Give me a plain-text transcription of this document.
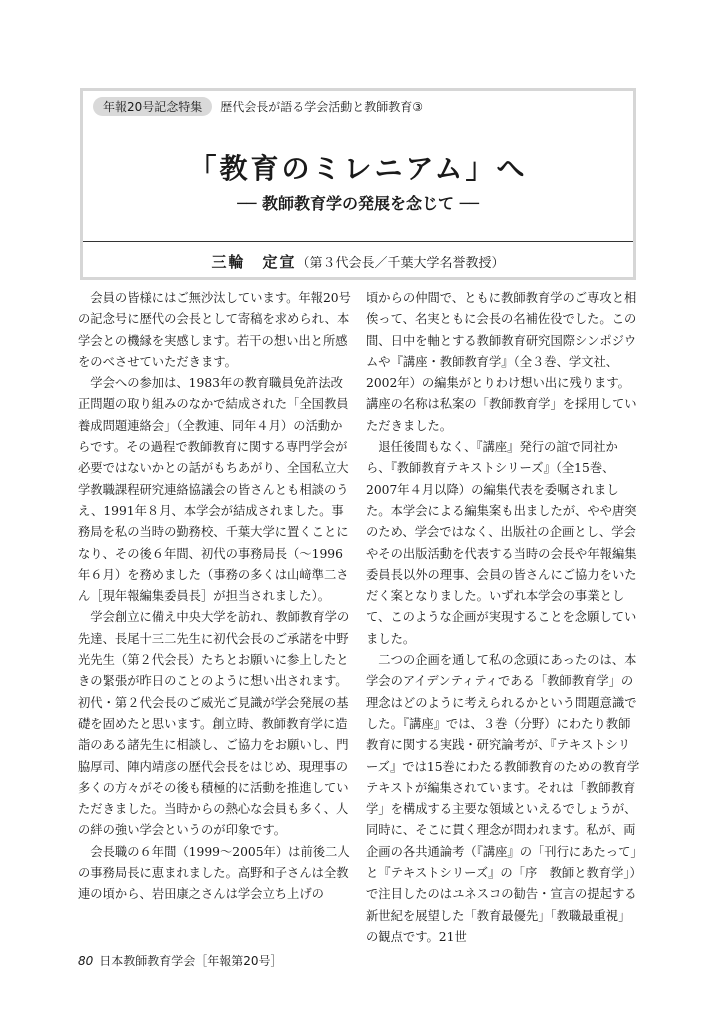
年報20号記念特集	歴代会長が語る学会活動と教師教育③
「教育のミレニアム」へ
── 教師教育学の発展を念じて ──
三輪　定宣（第３代会長／千葉大学名誉教授）

会員の皆様にはご無沙汰しています。年報20号の記念号に歴代の会長として寄稿を求められ、本学会との機縁を実感します。若干の想い出と所感をのべさせていただきます。

学会への参加は、1983年の教育職員免許法改正問題の取り組みのなかで結成された「全国教員養成問題連絡会」（全教連、同年４月）の活動からです。その過程で教師教育に関する専門学会が必要ではないかとの話がもちあがり、全国私立大学教職課程研究連絡協議会の皆さんとも相談のうえ、1991年８月、本学会が結成されました。事務局を私の当時の勤務校、千葉大学に置くことになり、その後６年間、初代の事務局長（〜1996年６月）を務めました（事務の多くは山﨑準二さん［現年報編集委員長］が担当されました）。

学会創立に備え中央大学を訪れ、教師教育学の先達、長尾十三二先生に初代会長のご承諾を中野光先生（第２代会長）たちとお願いに参上したときの緊張が昨日のことのように想い出されます。初代・第２代会長のご威光ご見識が学会発展の基礎を固めたと思います。創立時、教師教育学に造詣のある諸先生に相談し、ご協力をお願いし、門脇厚司、陣内靖彦の歴代会長をはじめ、現理事の多くの方々がその後も積極的に活動を推進していただきました。当時からの熱心な会員も多く、人の絆の強い学会というのが印象です。

会長職の６年間（1999〜2005年）は前後二人の事務局長に恵まれました。高野和子さんは全教連の頃から、岩田康之さんは学会立ち上げの

頃からの仲間で、ともに教師教育学のご専攻と相俟って、名実ともに会長の名補佐役でした。この間、日中を軸とする教師教育研究国際シンポジウムや『講座・教師教育学』（全３巻、学文社、2002年）の編集がとりわけ想い出に残ります。講座の名称は私案の「教師教育学」を採用していただきました。

退任後間もなく、『講座』発行の誼で同社から、『教師教育テキストシリーズ』（全15巻、2007年４月以降）の編集代表を委嘱されました。本学会による編集案も出ましたが、やや唐突のため、学会ではなく、出版社の企画とし、学会やその出版活動を代表する当時の会長や年報編集委員長以外の理事、会員の皆さんにご協力をいただく案となりました。いずれ本学会の事業として、このような企画が実現することを念願していました。

二つの企画を通して私の念頭にあったのは、本学会のアイデンティティである「教師教育学」の理念はどのように考えられるかという問題意識でした。『講座』では、３巻（分野）にわたり教師教育に関する実践・研究論考が、『テキストシリーズ』では15巻にわたる教師教育のための教育学テキストが編集されています。それは「教師教育学」を構成する主要な領域といえるでしょうが、同時に、そこに貫く理念が問われます。私が、両企画の各共通論考（『講座』の「刊行にあたって」と『テキストシリーズ』の「序　教師と教育学」）で注目したのはユネスコの勧告・宣言の提起する新世紀を展望した「教育最優先」「教職最重視」の観点です。21世

80 日本教師教育学会［年報第20号］
